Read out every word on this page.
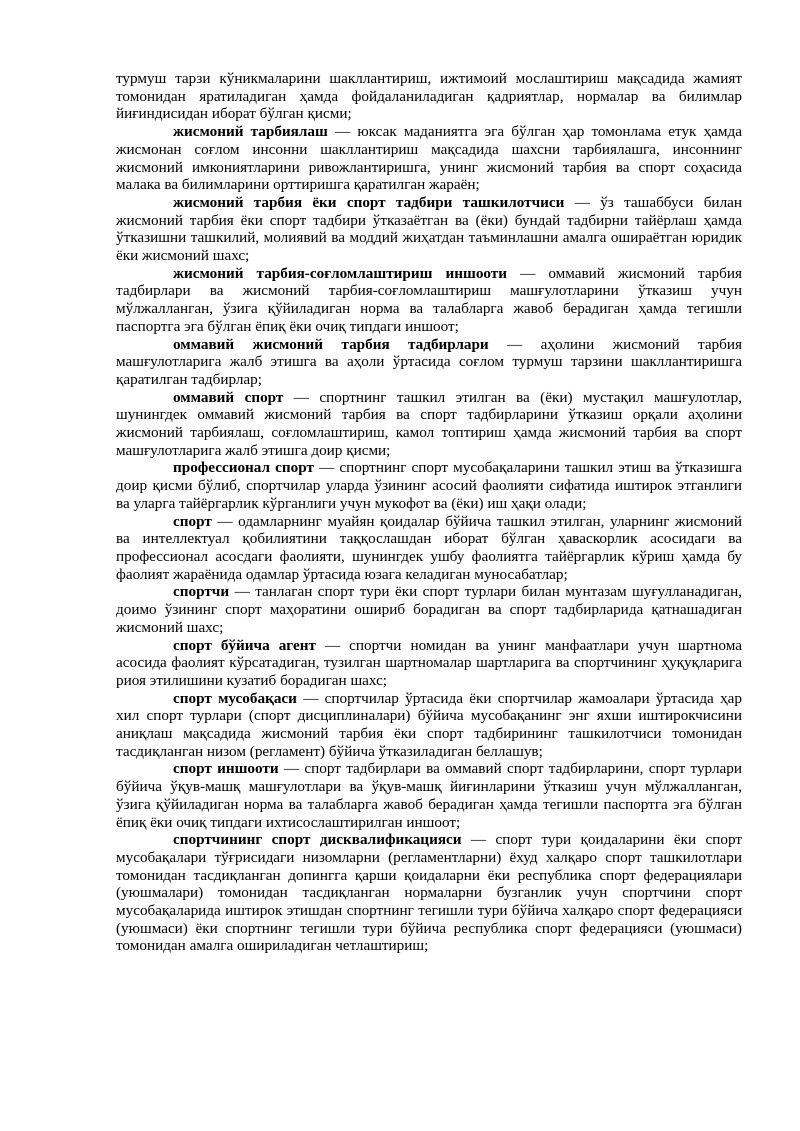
турмуш тарзи кўникмаларини шакллантириш, ижтимоий мослаштириш мақсадида жамият томонидан яратиладиган ҳамда фойдаланиладиган қадриятлар, нормалар ва билимлар йиғиндисидан иборат бўлган қисми;

жисмоний тарбиялаш — юксак маданиятга эга бўлган ҳар томонлама етук ҳамда жисмонан соғлом инсонни шакллантириш мақсадида шахсни тарбиялашга, инсоннинг жисмоний имкониятларини ривожлантиришга, унинг жисмоний тарбия ва спорт соҳасида малака ва билимларини орттиришга қаратилган жараён;

жисмоний тарбия ёки спорт тадбири ташкилотчиси — ўз ташаббуси билан жисмоний тарбия ёки спорт тадбири ўтказаётган ва (ёки) бундай тадбирни тайёрлаш ҳамда ўтказишни ташкилий, молиявий ва моддий жиҳатдан таъминлашни амалга ошираётган юридик ёки жисмоний шахс;

жисмоний тарбия-соғломлаштириш иншооти — оммавий жисмоний тарбия тадбирлари ва жисмоний тарбия-соғломлаштириш машғулотларини ўтказиш учун мўлжалланган, ўзига қўйиладиган норма ва талабларга жавоб берадиган ҳамда тегишли паспортга эга бўлган ёпиқ ёки очиқ типдаги иншоот;

оммавий жисмоний тарбия тадбирлари — аҳолини жисмоний тарбия машғулотларига жалб этишга ва аҳоли ўртасида соғлом турмуш тарзини шакллантиришга қаратилган тадбирлар;

оммавий спорт — спортнинг ташкил этилган ва (ёки) мустақил машғулотлар, шунингдек оммавий жисмоний тарбия ва спорт тадбирларини ўтказиш орқали аҳолини жисмоний тарбиялаш, соғломлаштириш, камол топтириш ҳамда жисмоний тарбия ва спорт машғулотларига жалб этишга доир қисми;

профессионал спорт — спортнинг спорт мусобақаларини ташкил этиш ва ўтказишга доир қисми бўлиб, спортчилар уларда ўзининг асосий фаолияти сифатида иштирок этганлиги ва уларга тайёргарлик кўрганлиги учун мукофот ва (ёки) иш ҳақи олади;

спорт — одамларнинг муайян қоидалар бўйича ташкил этилган, уларнинг жисмоний ва интеллектуал қобилиятини таққослашдан иборат бўлган ҳаваскорлик асосидаги ва профессионал асосдаги фаолияти, шунингдек ушбу фаолиятга тайёргарлик кўриш ҳамда бу фаолият жараёнида одамлар ўртасида юзага келадиган муносабатлар;

спортчи — танлаган спорт тури ёки спорт турлари билан мунтазам шуғулланадиган, доимо ўзининг спорт маҳоратини ошириб борадиган ва спорт тадбирларида қатнашадиган жисмоний шахс;

спорт бўйича агент — спортчи номидан ва унинг манфаатлари учун шартнома асосида фаолият кўрсатадиган, тузилган шартномалар шартларига ва спортчининг ҳуқуқларига риоя этилишини кузатиб борадиган шахс;

спорт мусобақаси — спортчилар ўртасида ёки спортчилар жамоалари ўртасида ҳар хил спорт турлари (спорт дисциплиналари) бўйича мусобақанинг энг яхши иштирокчисини аниқлаш мақсадида жисмоний тарбия ёки спорт тадбирининг ташкилотчиси томонидан тасдиқланган низом (регламент) бўйича ўтказиладиган беллашув;

спорт иншооти — спорт тадбирлари ва оммавий спорт тадбирларини, спорт турлари бўйича ўқув-машқ машғулотлари ва ўқув-машқ йиғинларини ўтказиш учун мўлжалланган, ўзига қўйиладиган норма ва талабларга жавоб берадиган ҳамда тегишли паспортга эга бўлган ёпиқ ёки очиқ типдаги ихтисослаштирилган иншоот;

спортчининг спорт дисквалификацияси — спорт тури қоидаларини ёки спорт мусобақалари тўғрисидаги низомларни (регламентларни) ёхуд халқаро спорт ташкилотлари томонидан тасдиқланган допингга қарши қоидаларни ёки республика спорт федерациялари (уюшмалари) томонидан тасдиқланган нормаларни бузганлик учун спортчини спорт мусобақаларида иштирок этишдан спортнинг тегишли тури бўйича халқаро спорт федерацияси (уюшмаси) ёки спортнинг тегишли тури бўйича республика спорт федерацияси (уюшмаси) томонидан амалга ошириладиган четлаштириш;
